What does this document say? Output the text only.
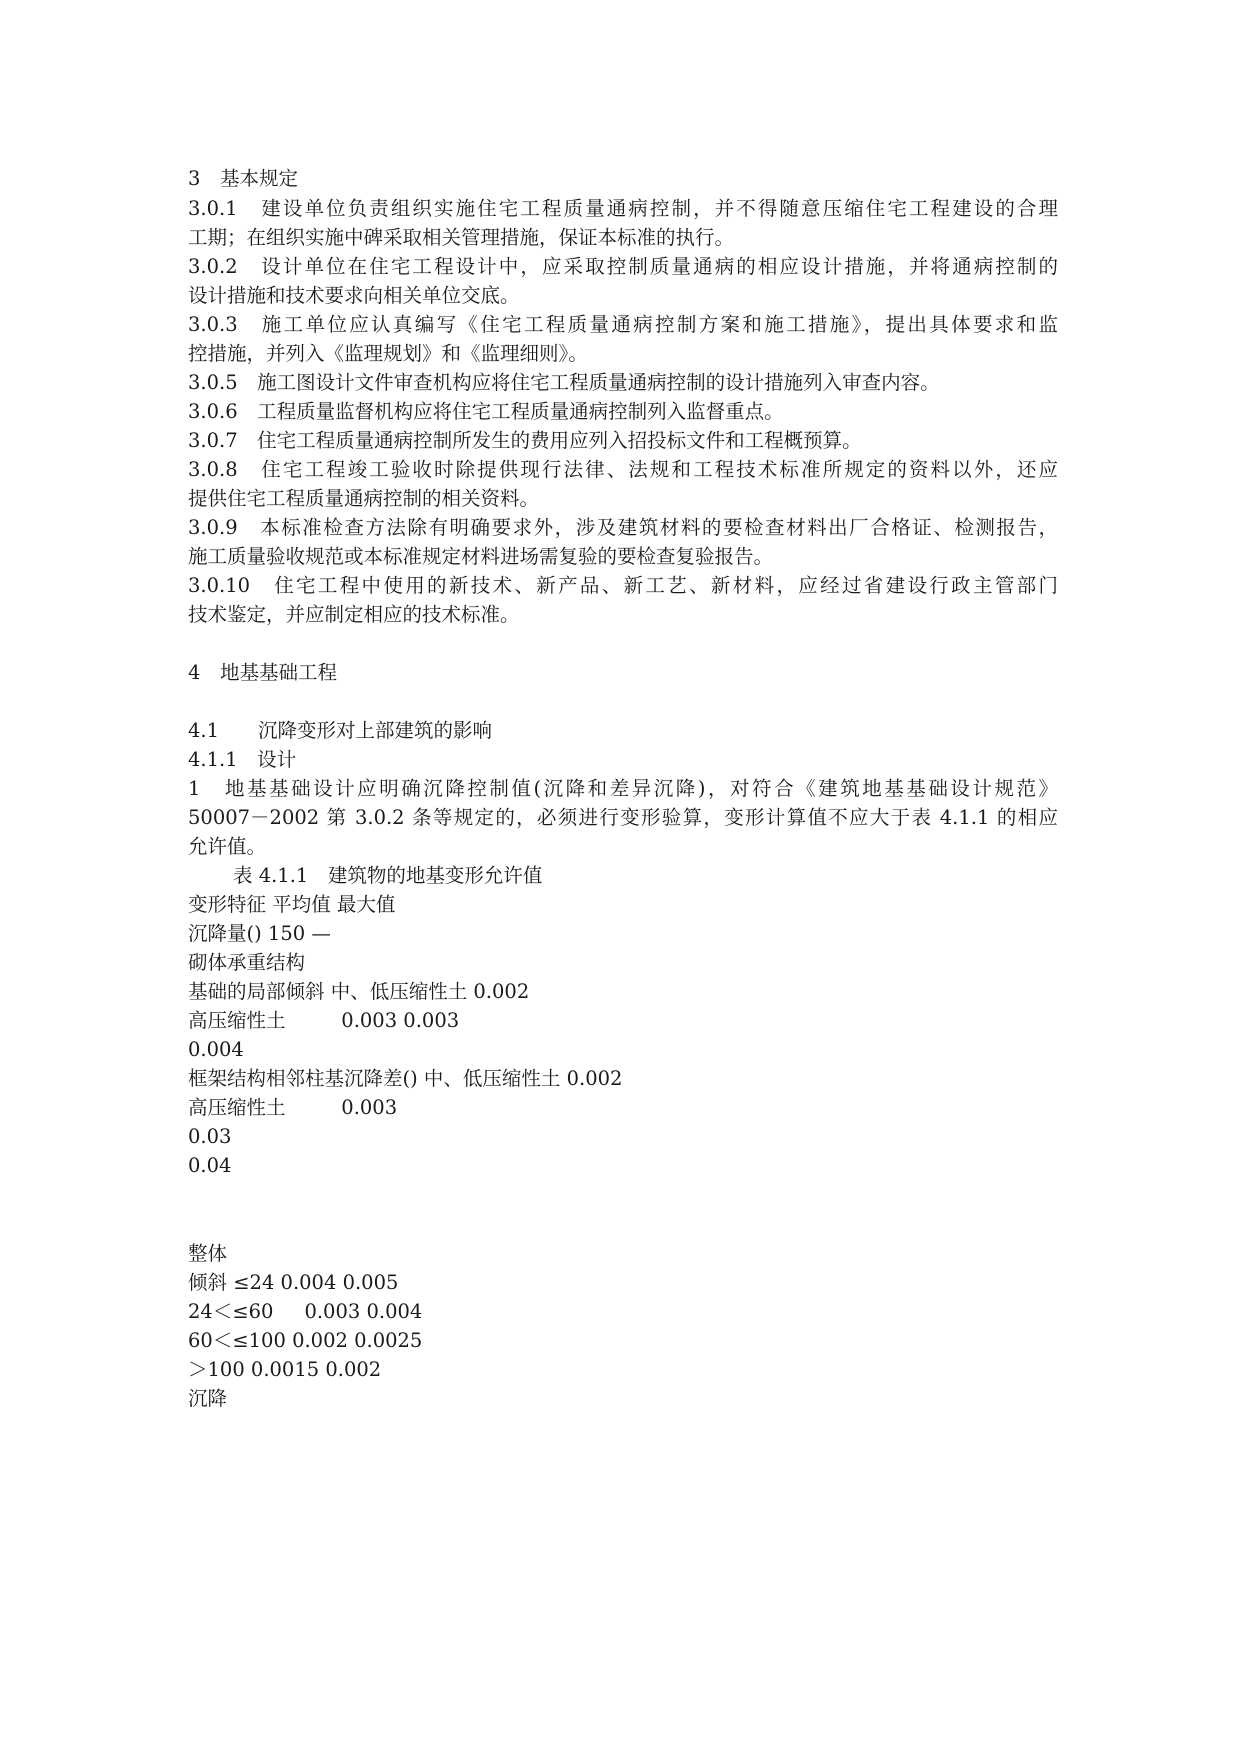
3　 基本规定
3.0.1　建设单位负责组织实施住宅工程质量通病控制，并不得随意压缩住宅工程建设的合理
工期；在组织实施中碑采取相关管理措施，保证本标准的执行。
3.0.2　设计单位在住宅工程设计中，应采取控制质量通病的相应设计措施，并将通病控制的
设计措施和技术要求向相关单位交底。
3.0.3　施工单位应认真编写《住宅工程质量通病控制方案和施工措施》，提出具体要求和监
控措施，并列入《监理规划》和《监理细则》。
3.0.5　施工图设计文件审查机构应将住宅工程质量通病控制的设计措施列入审查内容。
3.0.6　工程质量监督机构应将住宅工程质量通病控制列入监督重点。
3.0.7　住宅工程质量通病控制所发生的费用应列入招投标文件和工程概预算。
3.0.8　住宅工程竣工验收时除提供现行法律、法规和工程技术标准所规定的资料以外，还应
提供住宅工程质量通病控制的相关资料。
3.0.9　本标准检查方法除有明确要求外，涉及建筑材料的要检查材料出厂合格证、检测报告，
施工质量验收规范或本标准规定材料进场需复验的要检查复验报告。
3.0.10　住宅工程中使用的新技术、新产品、新工艺、新材料，应经过省建设行政主管部门
技术鉴定，并应制定相应的技术标准。
4　 地基基础工程
4.1　　沉降变形对上部建筑的影响
4.1.1　设计
1　地基基础设计应明确沉降控制值(沉降和差异沉降)，对符合《建筑地基基础设计规范》
50007－2002 第 3.0.2 条等规定的，必须进行变形验算，变形计算值不应大于表 4.1.1 的相应
允许值。
表 4.1.1　建筑物的地基变形允许值
变形特征 平均值 最大值
沉降量() 150 —
砌体承重结构
基础的局部倾斜 中、低压缩性土 0.002
高压缩性土         0.003 0.003
0.004
框架结构相邻柱基沉降差() 中、低压缩性土 0.002
高压缩性土         0.003
0.03
0.04
整体
倾斜 ≤24 0.004 0.005
24＜≤60     0.003 0.004
60＜≤100 0.002 0.0025
＞100 0.0015 0.002
沉降
